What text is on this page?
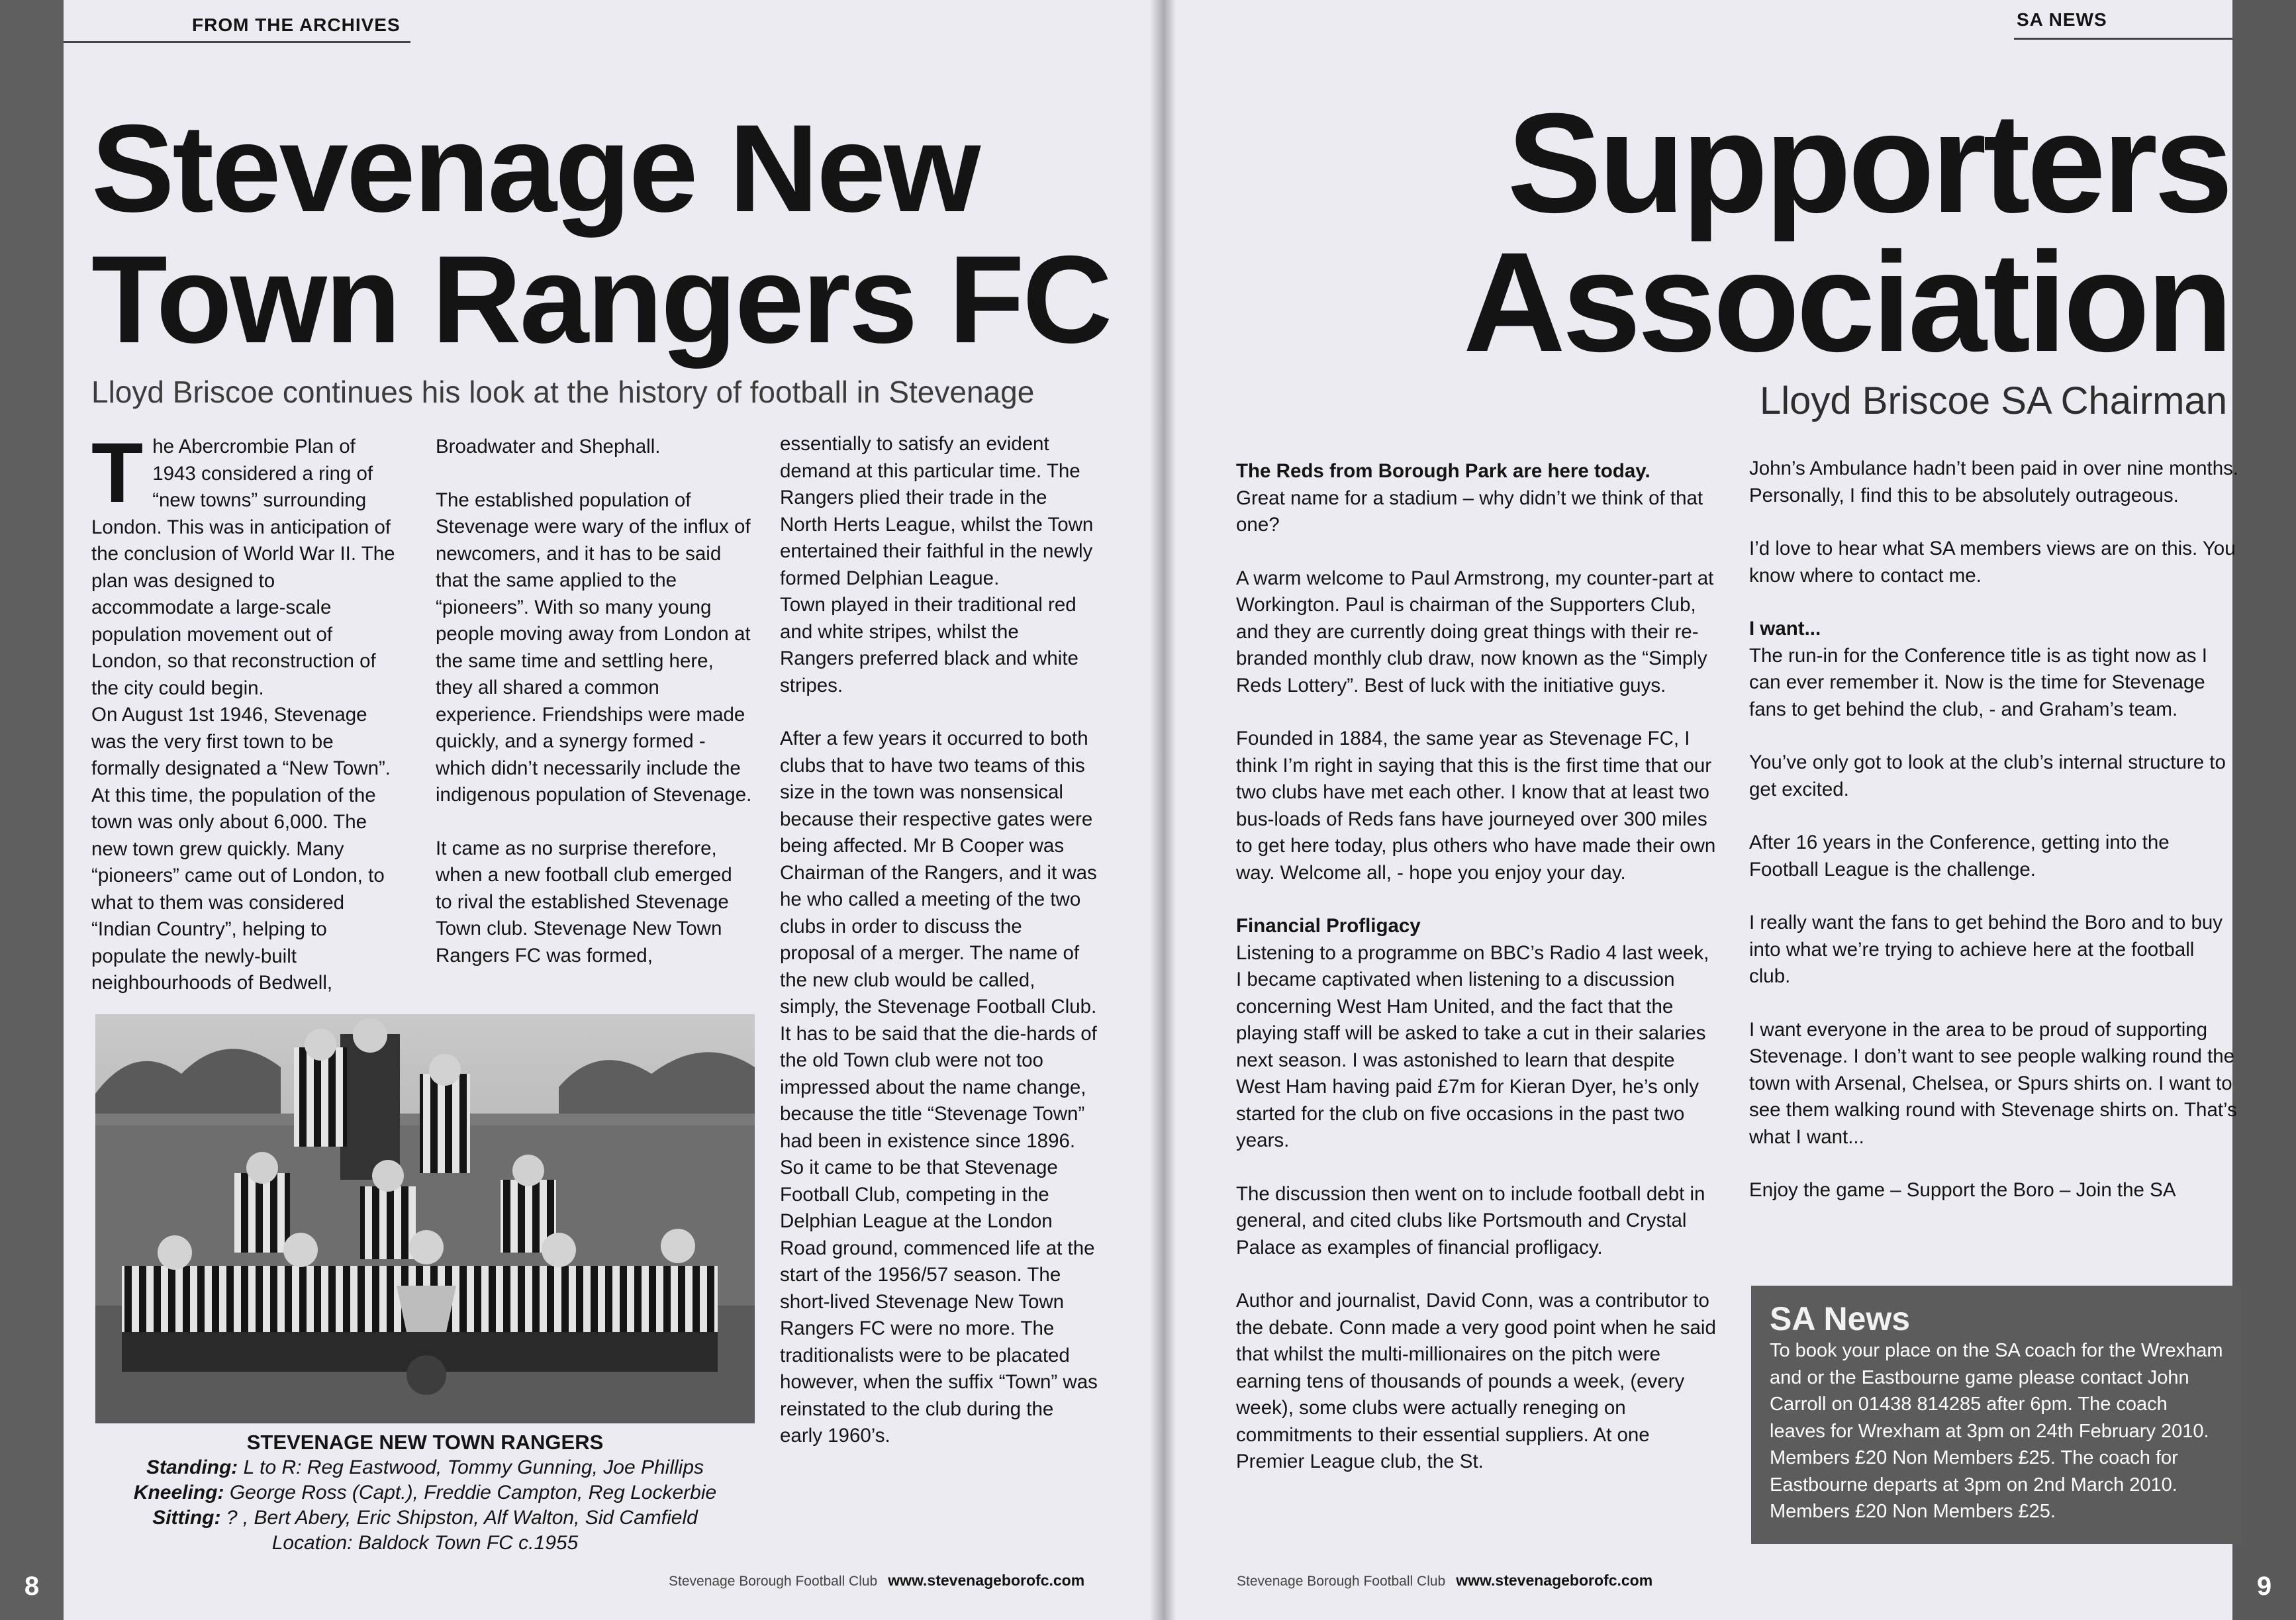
8
FROM THE ARCHIVES
Stevenage New
Town Rangers FC
Lloyd Briscoe continues his look at the history of football in Stevenage
T he Abercrombie Plan of 1943 considered a ring of “new towns” surrounding London. This was in anticipation of the conclusion of World War II. The plan was designed to accommodate a large-scale population movement out of London, so that reconstruction of the city could begin.

On August 1st 1946, Stevenage was the very first town to be formally designated a “New Town”. At this time, the population of the town was only about 6,000. The new town grew quickly. Many “pioneers” came out of London, to what to them was considered “Indian Country”, helping to populate the newly-built neighbourhoods of Bedwell,

Broadwater and Shephall.

The established population of Stevenage were wary of the influx of newcomers, and it has to be said that the same applied to the “pioneers”. With so many young people moving away from London at the same time and settling here, they all shared a common experience. Friendships were made quickly, and a synergy formed - which didn’t necessarily include the indigenous population of Stevenage.

It came as no surprise therefore, when a new football club emerged to rival the established Stevenage Town club. Stevenage New Town Rangers FC was formed,

essentially to satisfy an evident demand at this particular time. The Rangers plied their trade in the North Herts League, whilst the Town entertained their faithful in the newly formed Delphian League.

Town played in their traditional red and white stripes, whilst the Rangers preferred black and white stripes.

After a few years it occurred to both clubs that to have two teams of this size in the town was nonsensical because their respective gates were being affected. Mr B Cooper was Chairman of the Rangers, and it was he who called a meeting of the two clubs in order to discuss the proposal of a merger. The name of the new club would be called, simply, the Stevenage Football Club.

It has to be said that the die-hards of the old Town club were not too impressed about the name change, because the title “Stevenage Town” had been in existence since 1896. So it came to be that Stevenage Football Club, competing in the Delphian League at the London Road ground, commenced life at the start of the 1956/57 season. The short-lived Stevenage New Town Rangers FC were no more. The traditionalists were to be placated however, when the suffix “Town” was reinstated to the club during the early 1960’s.

STEVENAGE NEW TOWN RANGERS
Standing: L to R: Reg Eastwood, Tommy Gunning, Joe Phillips
Kneeling: George Ross (Capt.), Freddie Campton, Reg Lockerbie
Sitting: ? , Bert Abery, Eric Shipston, Alf Walton, Sid Camfield
Location: Baldock Town FC c.1955
Stevenage Borough Football Club www.stevenageborofc.com	9
SA NEWS
Supporters
Association
Lloyd Briscoe SA Chairman

The Reds from Borough Park are here today.

Great name for a stadium – why didn’t we think of that one?

A warm welcome to Paul Armstrong, my counter-part at Workington. Paul is chairman of the Supporters Club, and they are currently doing great things with their re-branded monthly club draw, now known as the “Simply Reds Lottery”. Best of luck with the initiative guys.

Founded in 1884, the same year as Stevenage FC, I think I’m right in saying that this is the first time that our two clubs have met each other. I know that at least two bus-loads of Reds fans have journeyed over 300 miles to get here today, plus others who have made their own way. Welcome all, - hope you enjoy your day.

Financial Profligacy

Listening to a programme on BBC’s Radio 4 last week, I became captivated when listening to a discussion concerning West Ham United, and the fact that the playing staff will be asked to take a cut in their salaries next season. I was astonished to learn that despite West Ham having paid £7m for Kieran Dyer, he’s only started for the club on five occasions in the past two years.

The discussion then went on to include football debt in general, and cited clubs like Portsmouth and Crystal Palace as examples of financial profligacy.

Author and journalist, David Conn, was a contributor to the debate. Conn made a very good point when he said that whilst the multi-millionaires on the pitch were earning tens of thousands of pounds a week, (every week), some clubs were actually reneging on commitments to their essential suppliers. At one Premier League club, the St.

John’s Ambulance hadn’t been paid in over nine months. Personally, I find this to be absolutely outrageous.

I’d love to hear what SA members views are on this. You know where to contact me.

I want...

The run-in for the Conference title is as tight now as I can ever remember it. Now is the time for Stevenage fans to get behind the club, - and Graham’s team.

You’ve only got to look at the club’s internal structure to get excited.

After 16 years in the Conference, getting into the Football League is the challenge.

I really want the fans to get behind the Boro and to buy into what we’re trying to achieve here at the football club.

I want everyone in the area to be proud of supporting Stevenage. I don’t want to see people walking round the town with Arsenal, Chelsea, or Spurs shirts on. I want to see them walking round with Stevenage shirts on. That’s what I want...

Enjoy the game – Support the Boro – Join the SA

SA News
To book your place on the SA coach for the Wrexham and or the Eastbourne game please contact John Carroll on 01438 814285 after 6pm. The coach leaves for Wrexham at 3pm on 24th February 2010. Members £20 Non Members £25. The coach for Eastbourne departs at 3pm on 2nd March 2010. Members £20 Non Members £25.
Stevenage Borough Football Club www.stevenageborofc.com
